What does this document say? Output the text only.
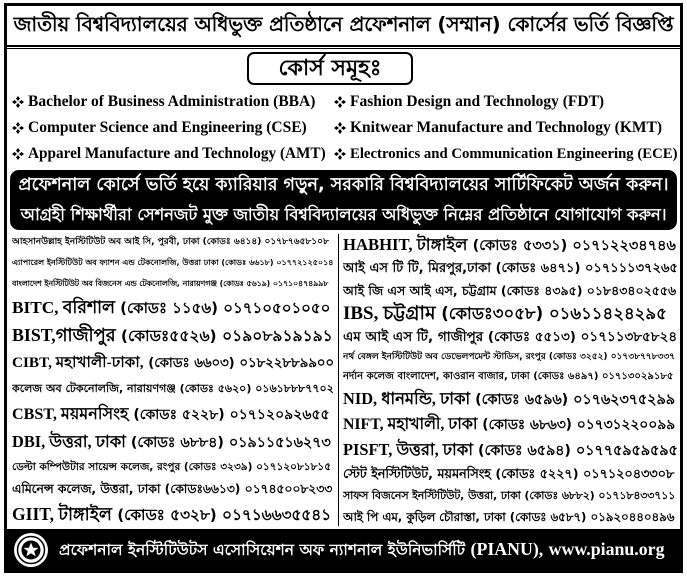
জাতীয় বিশ্ববিদ্যালয়ের অধিভুক্ত প্রতিষ্ঠানে প্রফেশনাল (সম্মান) কোর্সের ভর্তি বিজ্ঞপ্তি
কোর্স সমূহঃ
Bachelor of Business Administration (BBA)
Computer Science and Engineering (CSE)
Apparel Manufacture and Technology (AMT)
Fashion Design and Technology (FDT)
Knitwear Manufacture and Technology (KMT)
Electronics and Communication Engineering (ECE)
প্রফেশনাল কোর্সে ভর্তি হয়ে ক্যারিয়ার গড়ুন, সরকারি বিশ্ববিদ্যালয়ের সার্টিফিকেট অর্জন করুন।
আগ্রহী শিক্ষার্থীরা সেশনজট মুক্ত জাতীয় বিশ্ববিদ্যালয়ের অধিভুক্ত নিম্নের প্রতিষ্ঠানে যোগাযোগ করুন।
আহসানউল্লাহ ইনস্টিটিউট অব আই সি, পুরবী, ঢাকা (কোডঃ ৬৪১৪) ০১৭৮৭৬৫৮১০৮
এ্যাপারেল ইনস্টিটিউট অব ফ্যাশন এন্ড টেকনোলজি, উত্তরা ঢাকা (কোডঃ ৬৬১৮) ০১৭৭২১২৫০১৪
বাংলাদেশ ইনস্টিটিউট অব বিজনেস এন্ড টেকনোলজি, নারায়ণগঞ্জ (কোডঃ ৫৬১৯) ০১৭১০৪৭৪৯৯৮
BITC, বরিশাল (কোডঃ ১১৫৬) ০১৭১০৫০১০৫০
BIST,গাজীপুর (কোডঃ৫৫২৬) ০১৯০৮৯১৯১৯১
CIBT, মহাখালী-ঢাকা, (কোডঃ ৬৬০৩) ০১৮২২৮৮৯৯০০
কলেজ অব টেকনোলজি, নারায়ণগঞ্জ (কোডঃ ৫৬২০) ০১৬১৮৮৮৭৭০২
CBST, ময়মনসিংহ (কোডঃ ৫২২৮) ০১৭১২০৯২৬৫৫
DBI, উত্তরা, ঢাকা (কোডঃ ৬৮৮৪) ০১৯১১৫১৬২৭৩
ডেল্টা কম্পিউটার সায়েন্স কলেজ, রংপুর (কোডঃ ৩২৩৯) ০১৭১২০৮১৮১৫
এমিনেন্স কলেজ, উত্তরা, ঢাকা (কোডঃ৬৬১৩) ০১৭৪৫০০৮২৩৩
GIIT, টাঙ্গাইল (কোডঃ ৫৩২৮) ০১৭১৬৬৩৫৫৪১
HABHIT, টাঙ্গাইল (কোডঃ ৫৩৩১) ০১৭১২২৩৪৭৪৬
আই এস টি টি, মিরপুর,ঢাকা (কোডঃ ৬৪৭১) ০১৭১১১৩৭২৬৫
আই জি এস আই এস, চট্টগ্রাম (কোডঃ ৪৩৯৫) ০১৮৪৩৪০২৫৫৬
IBS, চট্টগ্রাম (কোডঃ৩০৫৮) ০১৬১১৪২৪২৯৫
এম আই এস টি, গাজীপুর (কোডঃ ৫৫১৩) ০১৭১১৩৮৫৮২৪
নর্থ বেঙ্গল ইনস্টিটিউট অব ডেভেলপমেন্ট স্টাডিস, রংপুর (কোডঃ ৩২৫২) ০১৭৩৮৭৭৮৩৩৭
নর্দান কলেজ বাংলাদেশ, কাওরান বাজার, ঢাকা (কোডঃ ৬৪৯৭) ০১৭১৩০২৯১৮৫
NID, ধানমন্ডি, ঢাকা (কোডঃ ৬৫৯৬) ০১৭৬২৩৭৫২৯৯
NIFT, মহাখালী, ঢাকা (কোডঃ ৬৮৬৩) ০১৭৩১২২০০৯৯
PISFT, উত্তরা, ঢাকা (কোডঃ ৬৫৯৪) ০১৭৭৫৯৫৯৫৯৫
স্টেট ইনস্টিটিউট, ময়মনসিংহ (কোডঃ ৫২২৭) ০১৭১২০৪৩৩০৮
সাফস বিজনেস ইনস্টিটিউট, উত্তরা, ঢাকা (কোডঃ ৬৮৮২) ০১৭১৮৪৩৩৭১১
আই পি এম, কুড়িল চৌরাস্তা, ঢাকা (কোডঃ ৬৫৮৭) ০১৯২০৪৪০৪৯৬
প্রফেশনাল ইনস্টিটিউটস এসোসিয়েশন অফ ন্যাশনাল ইউনিভার্সিটি (PIANU), www.pianu.org
